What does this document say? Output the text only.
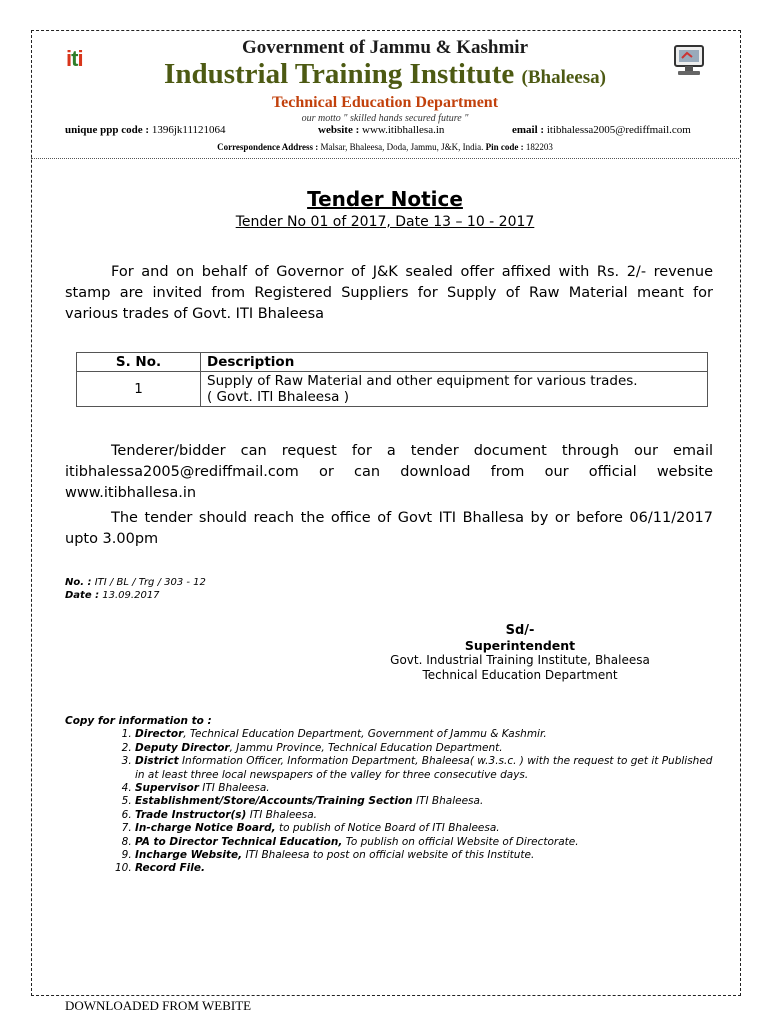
iti	Government of Jammu & Kashmir
Industrial Training Institute (Bhaleesa)
Technical Education Department
our motto " skilled hands secured future "
unique ppp code : 1396jk11121064	website : www.itibhallesa.in	email : itibhalessa2005@rediffmail.com
Correspondence Address : Malsar, Bhaleesa, Doda, Jammu, J&K, India. Pin code : 182203
Tender Notice
Tender No 01 of 2017, Date 13 – 10 - 2017
For and on behalf of Governor of J&K sealed offer affixed with Rs. 2/- revenue stamp are invited from Registered Suppliers for Supply of Raw Material meant for various trades of Govt. ITI Bhaleesa
S. No.	Description
1	Supply of Raw Material and other equipment for various trades.
( Govt. ITI Bhaleesa )
Tenderer/bidder can request for a tender document through our email itibhalessa2005@rediffmail.com or can download from our official website www.itibhallesa.in
The tender should reach the office of Govt ITI Bhallesa by or before 06/11/2017 upto 3.00pm
No. : ITI / BL / Trg / 303 - 12
Date : 13.09.2017
Sd/-
Superintendent
Govt. Industrial Training Institute, Bhaleesa
Technical Education Department
Copy for information to :
1. Director, Technical Education Department, Government of Jammu & Kashmir.
2. Deputy Director, Jammu Province, Technical Education Department.
3. District Information Officer, Information Department, Bhaleesa( w.3.s.c. ) with the request to get it Published in at least three local newspapers of the valley for three consecutive days.
4. Supervisor ITI Bhaleesa.
5. Establishment/Store/Accounts/Training Section ITI Bhaleesa.
6. Trade Instructor(s) ITI Bhaleesa.
7. In-charge Notice Board, to publish of Notice Board of ITI Bhaleesa.
8. PA to Director Technical Education, To publish on official Website of Directorate.
9. Incharge Website, ITI Bhaleesa to post on official website of this Institute.
10. Record File.
DOWNLOADED FROM WEBITE
